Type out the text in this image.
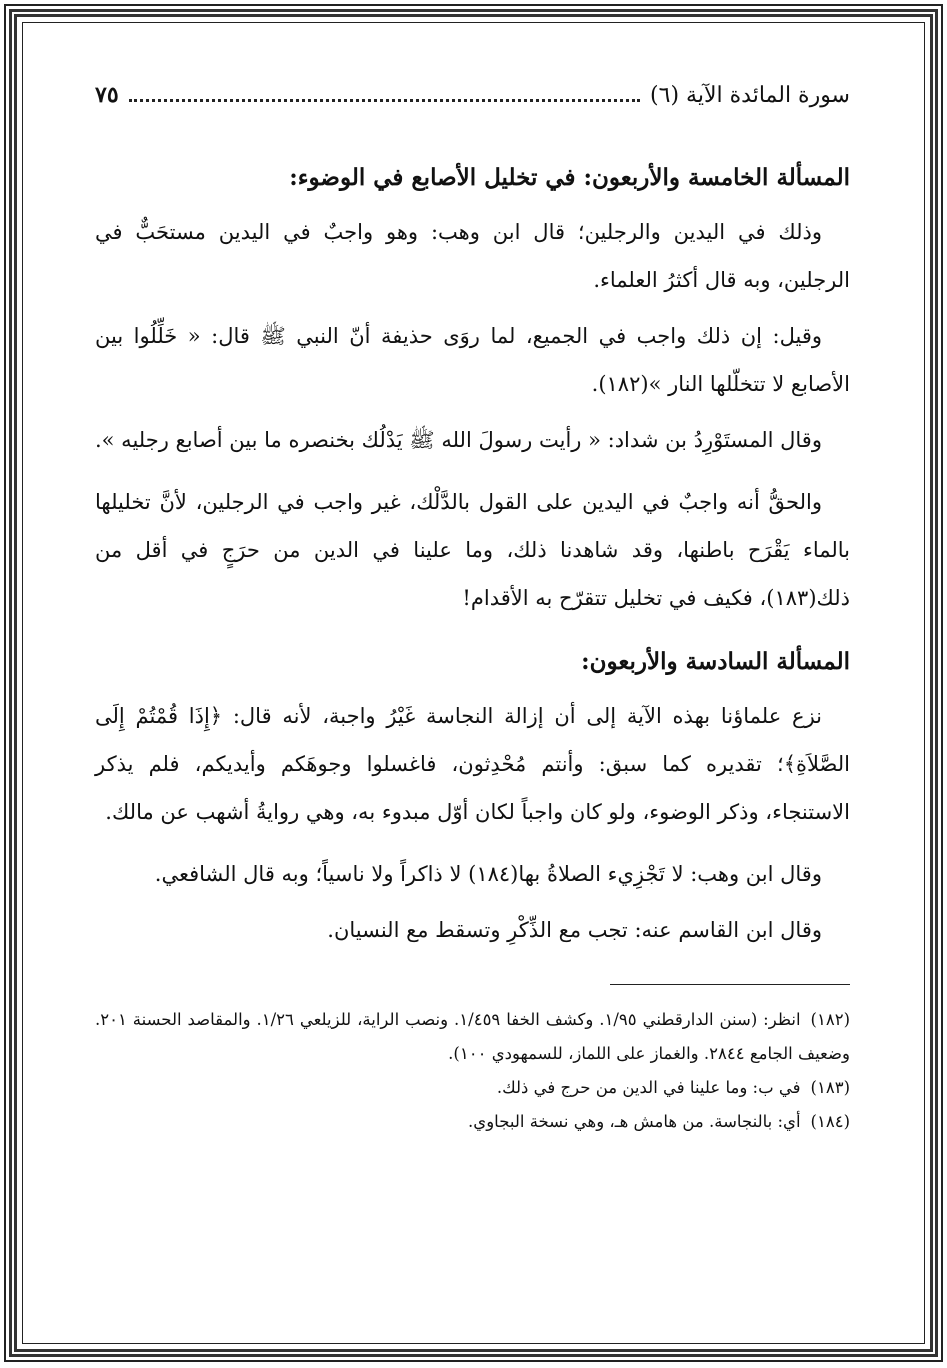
سورة المائدة الآية (٦)
٧٥
المسألة الخامسة والأربعون: في تخليل الأصابع في الوضوء:

وذلك في اليدين والرجلين؛ قال ابن وهب: وهو واجبٌ في اليدين مستحَبٌّ في الرجلين، وبه قال أكثرُ العلماء.

وقيل: إن ذلك واجب في الجميع، لما روَى حذيفة أنّ النبي ﷺ قال: « خَلِّلُوا بين الأصابع لا تتخلّلها النار »(١٨٢).

وقال المستَوْرِدُ بن شداد: « رأيت رسولَ الله ﷺ يَدْلُك بخنصره ما بين أصابع رجليه ».

والحقُّ أنه واجبٌ في اليدين على القول بالدَّلْك، غير واجب في الرجلين، لأنَّ تخليلها بالماء يَقْرَح باطنها، وقد شاهدنا ذلك، وما علينا في الدين من حرَجٍ في أقل من ذلك(١٨٣)، فكيف في تخليل تتقرّح به الأقدام!

المسألة السادسة والأربعون:

نزع علماؤنا بهذه الآية إلى أن إزالة النجاسة غَيْرُ واجبة، لأنه قال: ﴿إِذَا قُمْتُمْ إِلَى الصَّلاَةِ﴾؛ تقديره كما سبق: وأنتم مُحْدِثون، فاغسلوا وجوهَكم وأيديكم، فلم يذكر الاستنجاء، وذكر الوضوء، ولو كان واجباً لكان أوّل مبدوء به، وهي روايةُ أشهب عن مالك.

وقال ابن وهب: لا تَجْزِيء الصلاةُ بها(١٨٤) لا ذاكراً ولا ناسياً؛ وبه قال الشافعي.

وقال ابن القاسم عنه: تجب مع الذِّكْرِ وتسقط مع النسيان.

(١٨٢)انظر: (سنن الدارقطني ١/٩٥. وكشف الخفا ١/٤٥٩. ونصب الراية، للزيلعي ١/٢٦. والمقاصد الحسنة ٢٠١. وضعيف الجامع ٢٨٤٤. والغماز على اللماز، للسمهودي ١٠٠).
(١٨٣)في ب: وما علينا في الدين من حرج في ذلك.
(١٨٤)أي: بالنجاسة. من هامش هـ، وهي نسخة البجاوي.
